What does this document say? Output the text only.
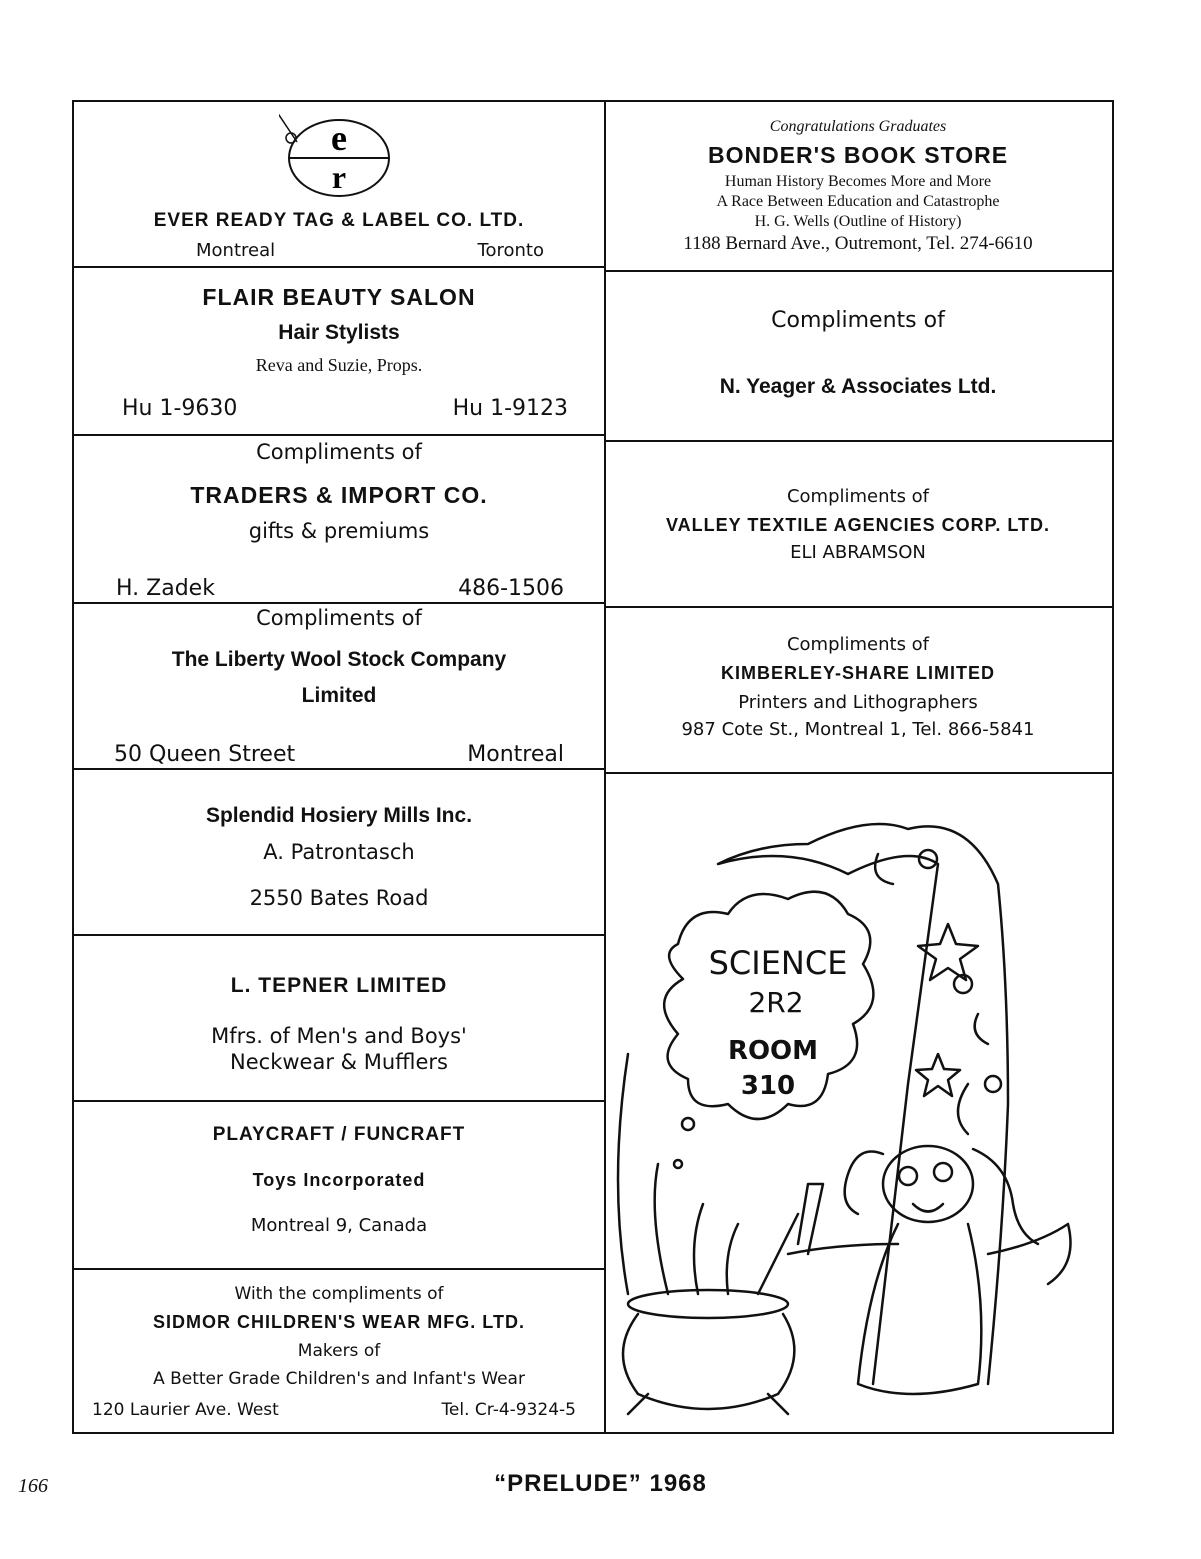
e
r

EVER READY TAG & LABEL CO. LTD.

Montreal	Toronto

FLAIR BEAUTY SALON

Hair Stylists

Reva and Suzie, Props.

Hu 1-9630	Hu 1-9123

Compliments of

TRADERS & IMPORT CO.

gifts & premiums

H. Zadek	486-1506

Compliments of

The Liberty Wool Stock Company

Limited

50 Queen Street	Montreal

Splendid Hosiery Mills Inc.

A. Patrontasch

2550 Bates Road

L. TEPNER LIMITED

Mfrs. of Men's and Boys'

Neckwear & Mufflers

PLAYCRAFT / FUNCRAFT

Toys Incorporated

Montreal 9, Canada

With the compliments of

SIDMOR CHILDREN'S WEAR MFG. LTD.

Makers of

A Better Grade Children's and Infant's Wear

120 Laurier Ave. West	Tel. Cr-4-9324-5

Congratulations Graduates

BONDER'S BOOK STORE

Human History Becomes More and More

A Race Between Education and Catastrophe

H. G. Wells (Outline of History)

1188 Bernard Ave., Outremont, Tel. 274-6610

Compliments of

N. Yeager & Associates Ltd.

Compliments of

VALLEY TEXTILE AGENCIES CORP. LTD.

ELI ABRAMSON

Compliments of

KIMBERLEY-SHARE LIMITED

Printers and Lithographers

987 Cote St., Montreal 1, Tel. 866-5841

SCIENCE
2R2
ROOM
310
166	“PRELUDE” 1968
